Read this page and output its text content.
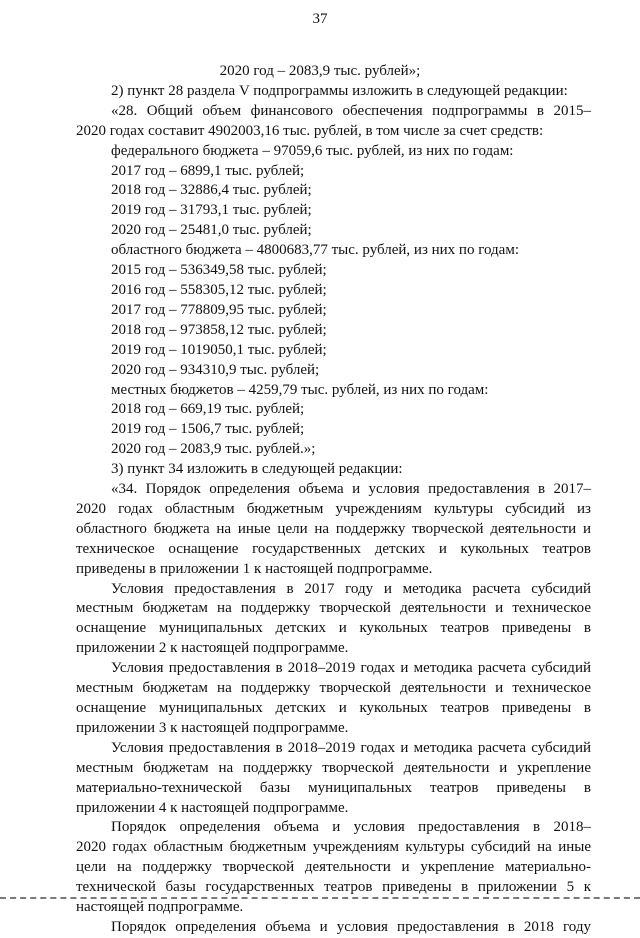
37
2020 год – 2083,9 тыс. рублей»;
2) пункт 28 раздела V подпрограммы изложить в следующей редакции:
«28. Общий объем финансового обеспечения подпрограммы в 2015–
2020 годах составит 4902003,16 тыс. рублей, в том числе за счет средств:
федерального бюджета – 97059,6 тыс. рублей, из них по годам:
2017 год – 6899,1 тыс. рублей;
2018 год – 32886,4 тыс. рублей;
2019 год – 31793,1 тыс. рублей;
2020 год – 25481,0 тыс. рублей;
областного бюджета – 4800683,77 тыс. рублей, из них по годам:
2015 год – 536349,58 тыс. рублей;
2016 год – 558305,12 тыс. рублей;
2017 год – 778809,95 тыс. рублей;
2018 год – 973858,12 тыс. рублей;
2019 год – 1019050,1 тыс. рублей;
2020 год – 934310,9 тыс. рублей;
местных бюджетов – 4259,79 тыс. рублей, из них по годам:
2018 год – 669,19 тыс. рублей;
2019 год – 1506,7 тыс. рублей;
2020 год – 2083,9 тыс. рублей.»;
3) пункт 34 изложить в следующей редакции:
«34. Порядок определения объема и условия предоставления в 2017–
2020 годах областным бюджетным учреждениям культуры субсидий из
областного бюджета на иные цели на поддержку творческой деятельности и
техническое оснащение государственных детских и кукольных театров
приведены в приложении 1 к настоящей подпрограмме.
Условия предоставления в 2017 году и методика расчета субсидий
местным бюджетам на поддержку творческой деятельности и техническое
оснащение муниципальных детских и кукольных театров приведены в
приложении 2 к настоящей подпрограмме.
Условия предоставления в 2018–2019 годах и методика расчета субсидий
местным бюджетам на поддержку творческой деятельности и техническое
оснащение муниципальных детских и кукольных театров приведены в
приложении 3 к настоящей подпрограмме.
Условия предоставления в 2018–2019 годах и методика расчета субсидий
местным бюджетам на поддержку творческой деятельности и укрепление
материально-технической базы муниципальных театров приведены в
приложении 4 к настоящей подпрограмме.
Порядок определения объема и условия предоставления в 2018–
2020 годах областным бюджетным учреждениям культуры субсидий на иные
цели на поддержку творческой деятельности и укрепление материально-
технической базы государственных театров приведены в приложении 5 к
настоящей подпрограмме.
Порядок определения объема и условия предоставления в 2018 году
